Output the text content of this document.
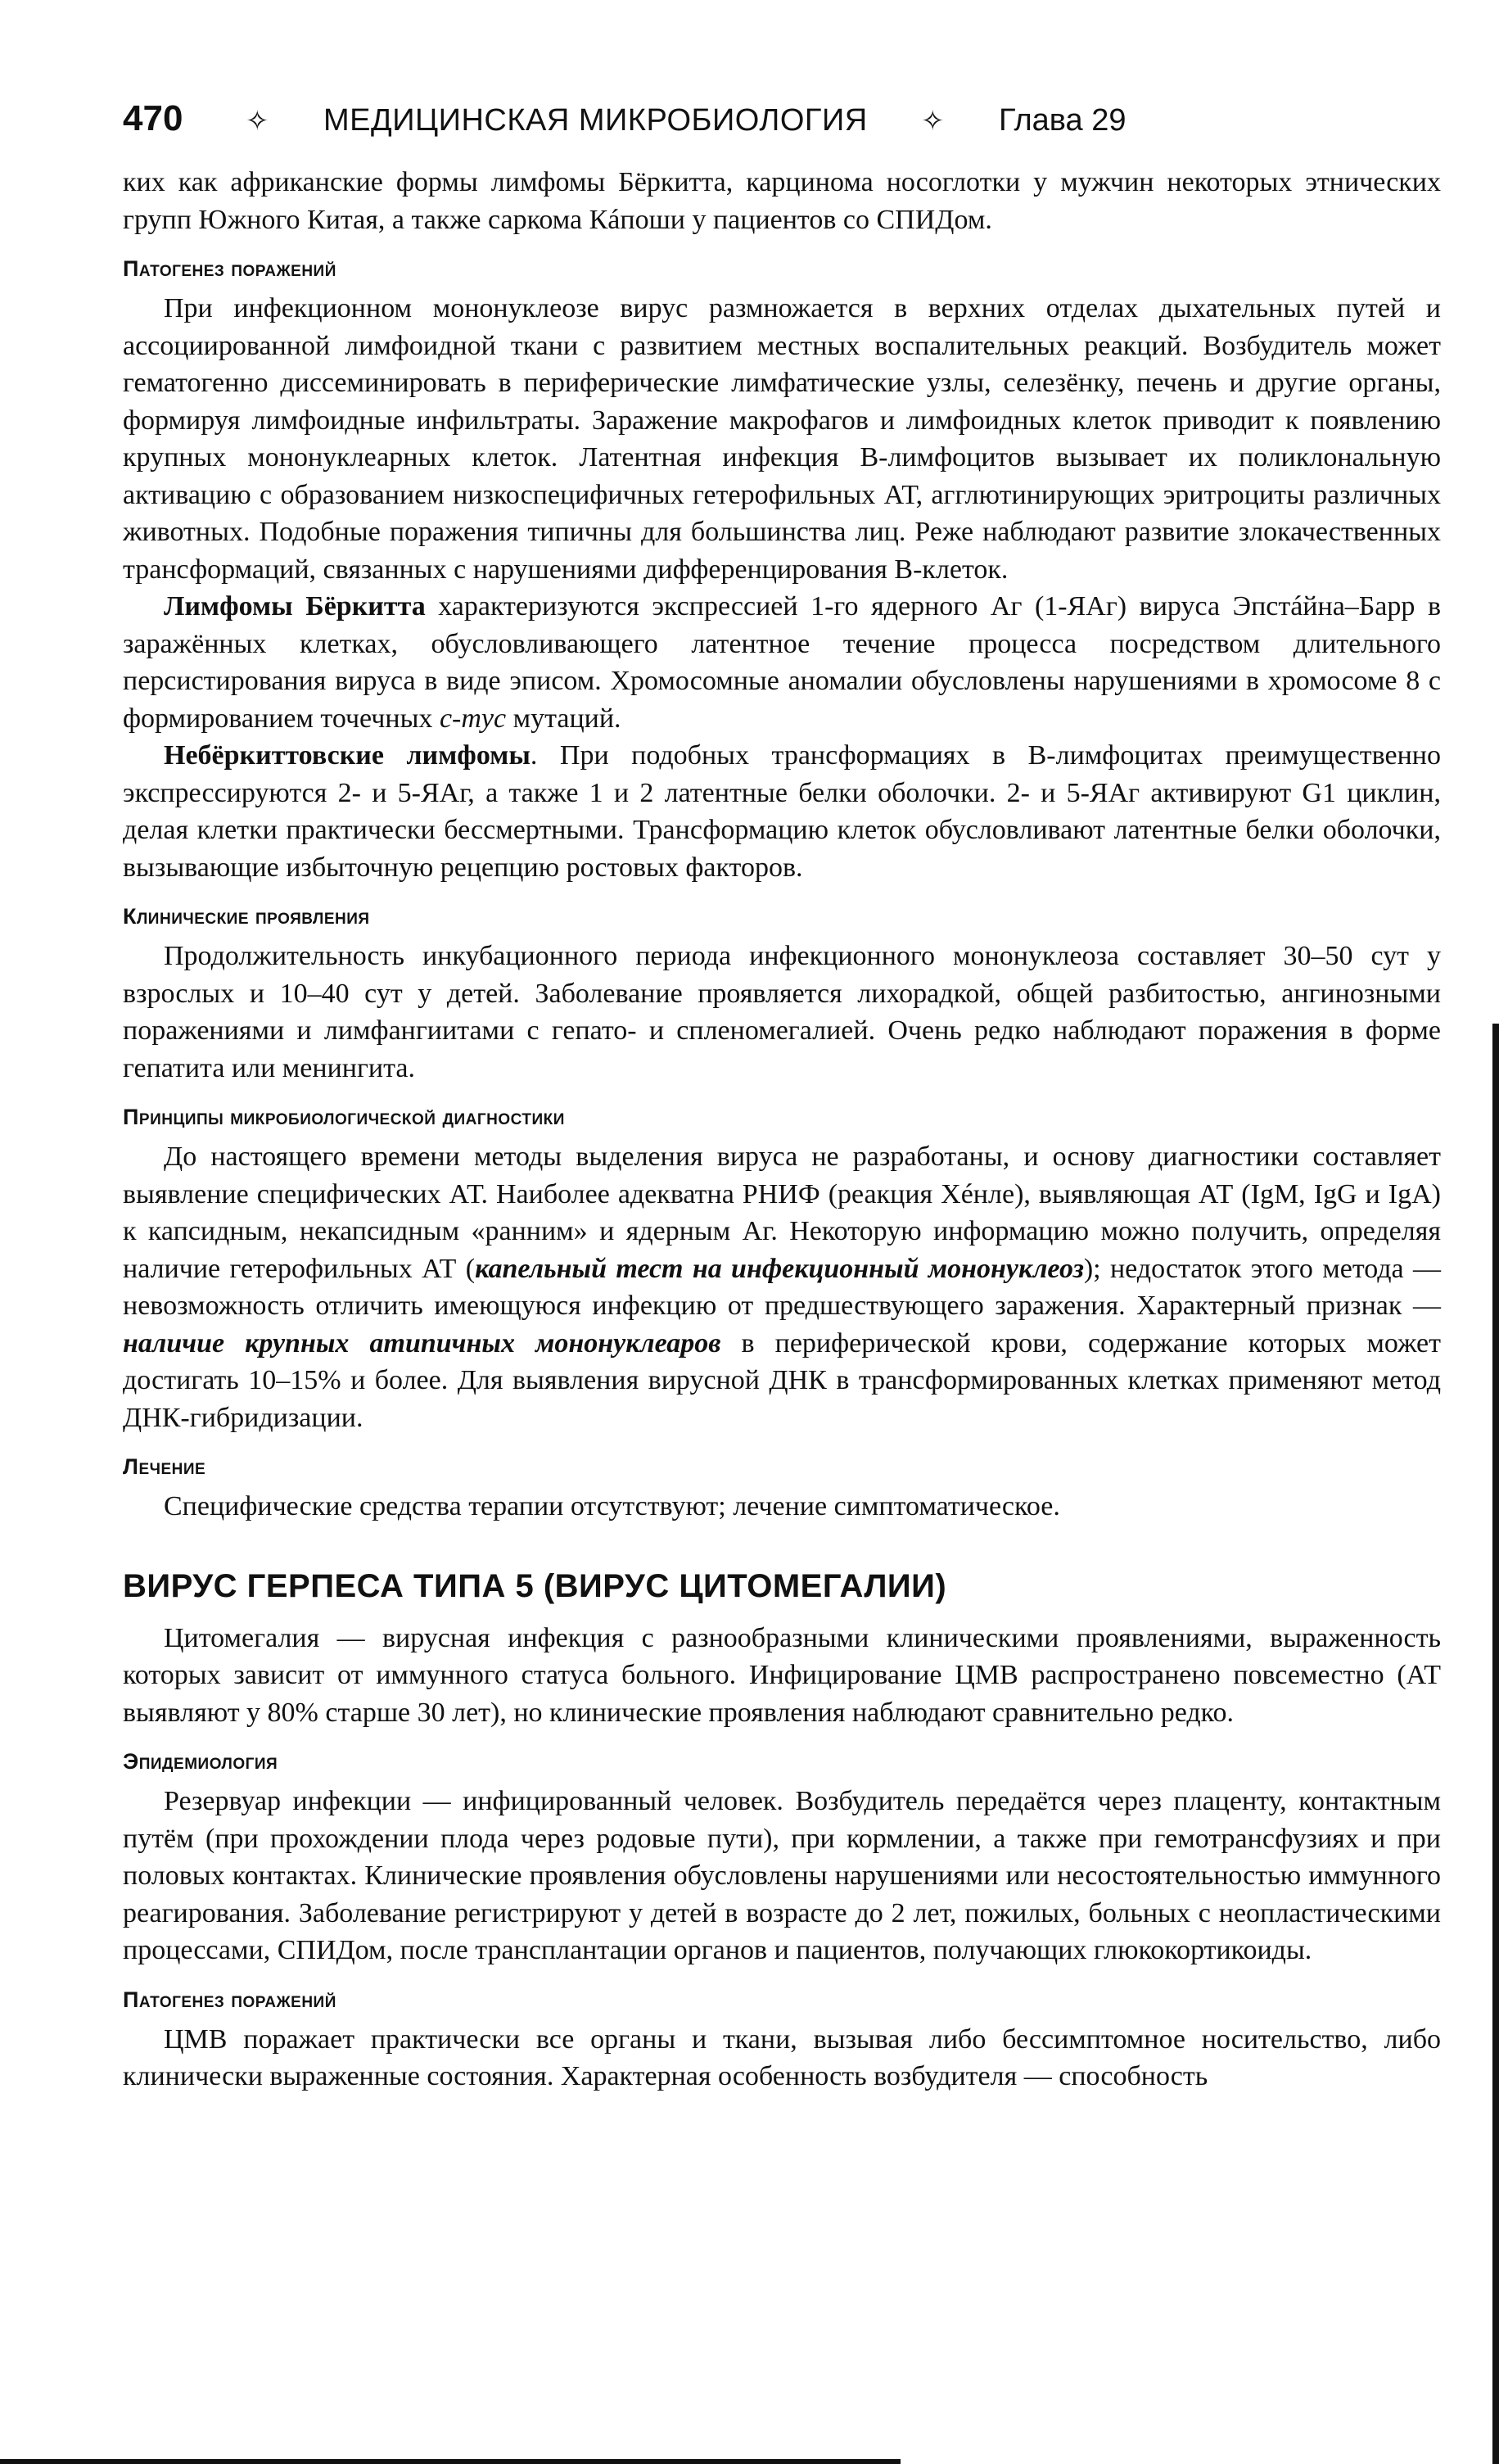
470	✧	МЕДИЦИНСКАЯ МИКРОБИОЛОГИЯ	✧	Глава 29

ких как африканские формы лимфомы Бёркитта, карцинома носоглотки у мужчин некоторых этнических групп Южного Китая, а также саркома Кáпоши у пациентов со СПИДом.

Патогенез поражений

При инфекционном мононуклеозе вирус размножается в верхних отделах дыхательных путей и ассоциированной лимфоидной ткани с развитием местных воспалительных реакций. Возбудитель может гематогенно диссеминировать в периферические лимфатические узлы, селезёнку, печень и другие органы, формируя лимфоидные инфильтраты. Заражение макрофагов и лимфоидных клеток приводит к появлению крупных мононуклеарных клеток. Латентная инфекция В-лимфоцитов вызывает их поликлональную активацию с образованием низкоспецифичных гетерофильных АТ, агглютинирующих эритроциты различных животных. Подобные поражения типичны для большинства лиц. Реже наблюдают развитие злокачественных трансформаций, связанных с нарушениями дифференцирования В-клеток.

Лимфомы Бёркитта характеризуются экспрессией 1-го ядерного Аг (1-ЯАг) вируса Эпстáйна–Барр в заражённых клетках, обусловливающего латентное течение процесса посредством длительного персистирования вируса в виде эписом. Хромосомные аномалии обусловлены нарушениями в хромосоме 8 с формированием точечных c-myc мутаций.

Небёркиттовские лимфомы. При подобных трансформациях в В-лимфоцитах преимущественно экспрессируются 2- и 5-ЯАг, а также 1 и 2 латентные белки оболочки. 2- и 5-ЯАг активируют G1 циклин, делая клетки практически бессмертными. Трансформацию клеток обусловливают латентные белки оболочки, вызывающие избыточную рецепцию ростовых факторов.

Клинические проявления

Продолжительность инкубационного периода инфекционного мононуклеоза составляет 30–50 сут у взрослых и 10–40 сут у детей. Заболевание проявляется лихорадкой, общей разбитостью, ангинозными поражениями и лимфангиитами с гепато- и спленомегалией. Очень редко наблюдают поражения в форме гепатита или менингита.

Принципы микробиологической диагностики

До настоящего времени методы выделения вируса не разработаны, и основу диагностики составляет выявление специфических АТ. Наиболее адекватна РНИФ (реакция Хéнле), выявляющая АТ (IgM, IgG и IgA) к капсидным, некапсидным «ранним» и ядерным Аг. Некоторую информацию можно получить, определяя наличие гетерофильных АТ (капельный тест на инфекционный мононуклеоз); недостаток этого метода — невозможность отличить имеющуюся инфекцию от предшествующего заражения. Характерный признак — наличие крупных атипичных мононуклеаров в периферической крови, содержание которых может достигать 10–15% и более. Для выявления вирусной ДНК в трансформированных клетках применяют метод ДНК-гибридизации.

Лечение

Специфические средства терапии отсутствуют; лечение симптоматическое.

ВИРУС ГЕРПЕСА ТИПА 5 (ВИРУС ЦИТОМЕГАЛИИ)

Цитомегалия — вирусная инфекция с разнообразными клиническими проявлениями, выраженность которых зависит от иммунного статуса больного. Инфицирование ЦМВ распространено повсеместно (АТ выявляют у 80% старше 30 лет), но клинические проявления наблюдают сравнительно редко.

Эпидемиология

Резервуар инфекции — инфицированный человек. Возбудитель передаётся через плаценту, контактным путём (при прохождении плода через родовые пути), при кормлении, а также при гемотрансфузиях и при половых контактах. Клинические проявления обусловлены нарушениями или несостоятельностью иммунного реагирования. Заболевание регистрируют у детей в возрасте до 2 лет, пожилых, больных с неопластическими процессами, СПИДом, после трансплантации органов и пациентов, получающих глюкокортикоиды.

Патогенез поражений

ЦМВ поражает практически все органы и ткани, вызывая либо бессимптомное носительство, либо клинически выраженные состояния. Характерная особенность возбудителя — способность
